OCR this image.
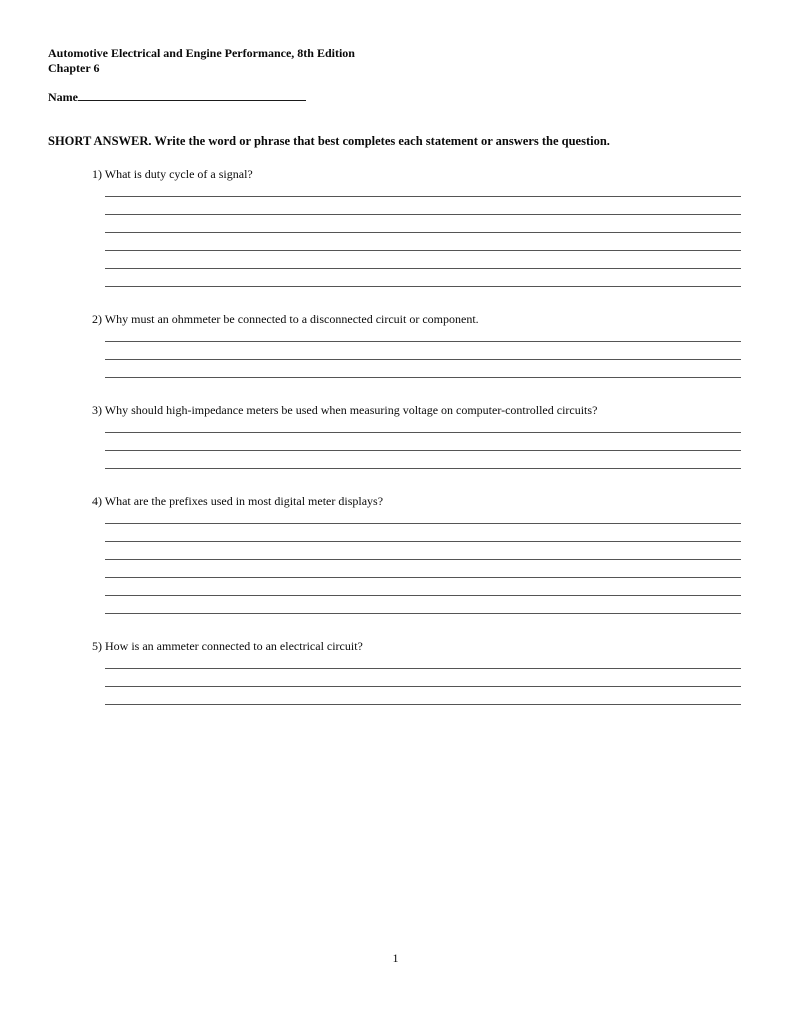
Automotive Electrical and Engine Performance, 8th Edition
Chapter 6
Name
SHORT ANSWER. Write the word or phrase that best completes each statement or answers the question.
1) What is duty cycle of a signal?
2) Why must an ohmmeter be connected to a disconnected circuit or component.
3) Why should high-impedance meters be used when measuring voltage on computer-controlled circuits?
4) What are the prefixes used in most digital meter displays?
5) How is an ammeter connected to an electrical circuit?
1
